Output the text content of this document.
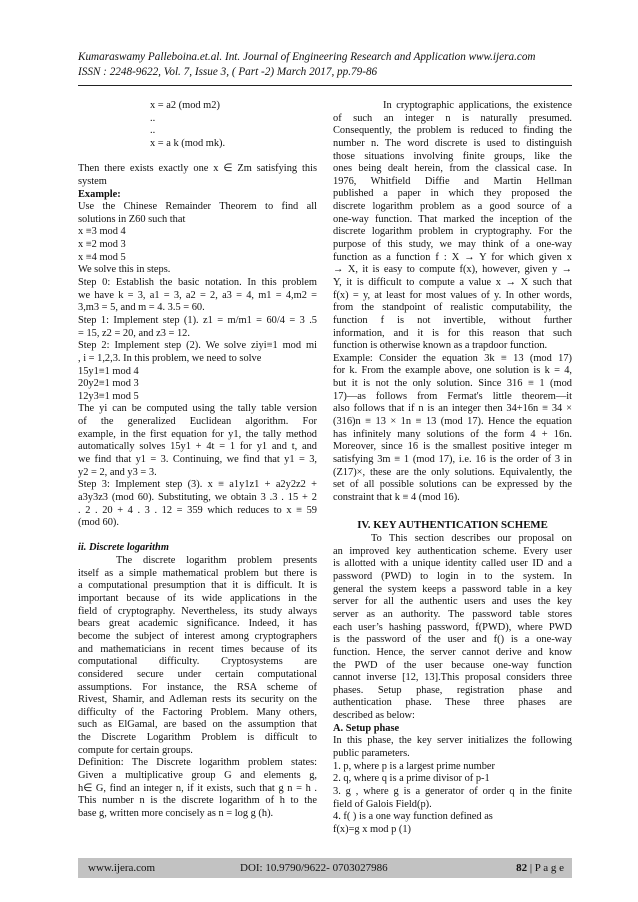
Kumaraswamy Palleboina.et.al. Int. Journal of Engineering Research and Application www.ijera.com
ISSN : 2248-9622, Vol. 7, Issue 3, ( Part -2) March 2017, pp.79-86
x = a2 (mod m2)
..
..
x = a k (mod mk).
Then there exists exactly one x ∈ Zm satisfying this
system
Example:
Use the Chinese Remainder Theorem to find all
solutions in Z60 such that
x ≡3 mod 4
x ≡2 mod 3
x ≡4 mod 5
We solve this in steps.
Step 0: Establish the basic notation. In this problem
we have k = 3, a1 = 3, a2 = 2, a3 = 4, m1 = 4,m2 =
3,m3 = 5, and m = 4. 3.5 = 60.
Step 1: Implement step (1). z1 = m/m1 = 60/4 = 3 .5
= 15, z2 = 20, and z3 = 12.
Step 2: Implement step (2). We solve ziyi≡1 mod mi
, i = 1,2,3. In this problem, we need to solve
15y1≡1 mod 4
20y2≡1 mod 3
12y3≡1 mod 5
The yi can be computed using the tally table version
of the generalized Euclidean algorithm. For
example, in the first equation for y1, the tally method
automatically solves 15y1 + 4t = 1 for y1 and t, and
we find that y1 = 3. Continuing, we find that y1 = 3,
y2 = 2, and y3 = 3.
Step 3: Implement step (3). x ≡ a1y1z1 + a2y2z2 +
a3y3z3 (mod 60). Substituting, we obtain 3 .3 . 15 + 2
. 2 . 20 + 4 . 3 . 12 = 359 which reduces to x ≡ 59
(mod 60).
ii. Discrete logarithm
The discrete logarithm problem presents
itself as a simple mathematical problem but there is
a computational presumption that it is difficult. It is
important because of its wide applications in the
field of cryptography. Nevertheless, its study always
bears great academic significance. Indeed, it has
become the subject of interest among cryptographers
and mathematicians in recent times because of its
computational difficulty. Cryptosystems are
considered secure under certain computational
assumptions. For instance, the RSA scheme of
Rivest, Shamir, and Adleman rests its security on the
difficulty of the Factoring Problem. Many others,
such as ElGamal, are based on the assumption that
the Discrete Logarithm Problem is difficult to
compute for certain groups.
Definition: The Discrete logarithm problem states:
Given a multiplicative group G and elements g,
h∈ G, find an integer n, if it exists, such that g n = h .
This number n is the discrete logarithm of h to the
base g, written more concisely as n = log g (h).
In cryptographic applications, the existence
of such an integer n is naturally presumed.
Consequently, the problem is reduced to finding the
number n. The word discrete is used to distinguish
those situations involving finite groups, like the
ones being dealt herein, from the classical case. In
1976, Whitfield Diffie and Martin Hellman
published a paper in which they proposed the
discrete logarithm problem as a good source of a
one-way function. That marked the inception of the
discrete logarithm problem in cryptography. For the
purpose of this study, we may think of a one-way
function as a function f : X → Y for which given x
→ X, it is easy to compute f(x), however, given y →
Y, it is difficult to compute a value x → X such that
f(x) = y, at least for most values of y. In other words,
from the standpoint of realistic computability, the
function f is not invertible, without further
information, and it is for this reason that such
function is otherwise known as a trapdoor function.
Example: Consider the equation 3k ≡ 13 (mod 17)
for k. From the example above, one solution is k = 4,
but it is not the only solution. Since 316 ≡ 1 (mod
17)—as follows from Fermat's little theorem—it
also follows that if n is an integer then 34+16n ≡ 34 ×
(316)n ≡ 13 × 1n ≡ 13 (mod 17). Hence the equation
has infinitely many solutions of the form 4 + 16n.
Moreover, since 16 is the smallest positive integer m
satisfying 3m ≡ 1 (mod 17), i.e. 16 is the order of 3 in
(Z17)×, these are the only solutions. Equivalently, the
set of all possible solutions can be expressed by the
constraint that k ≡ 4 (mod 16).
IV. KEY AUTHENTICATION SCHEME
To This section describes our proposal on
an improved key authentication scheme. Every user
is allotted with a unique identity called user ID and a
password (PWD) to login in to the system. In
general the system keeps a password table in a key
server for all the authentic users and uses the key
server as an authority. The password table stores
each user’s hashing password, f(PWD), where PWD
is the password of the user and f() is a one-way
function. Hence, the server cannot derive and know
the PWD of the user because one-way function
cannot inverse [12, 13].This proposal considers three
phases. Setup phase, registration phase and
authentication phase. These three phases are
described as below:
A. Setup phase
In this phase, the key server initializes the following
public parameters.
1. p, where p is a largest prime number
2. q, where q is a prime divisor of p-1
3. g , where g is a generator of order q in the finite
field of Galois Field(p).
4. f( ) is a one way function defined as
f(x)=g x mod p (1)
www.ijera.com	DOI: 10.9790/9622- 0703027986	82 | P a g e
